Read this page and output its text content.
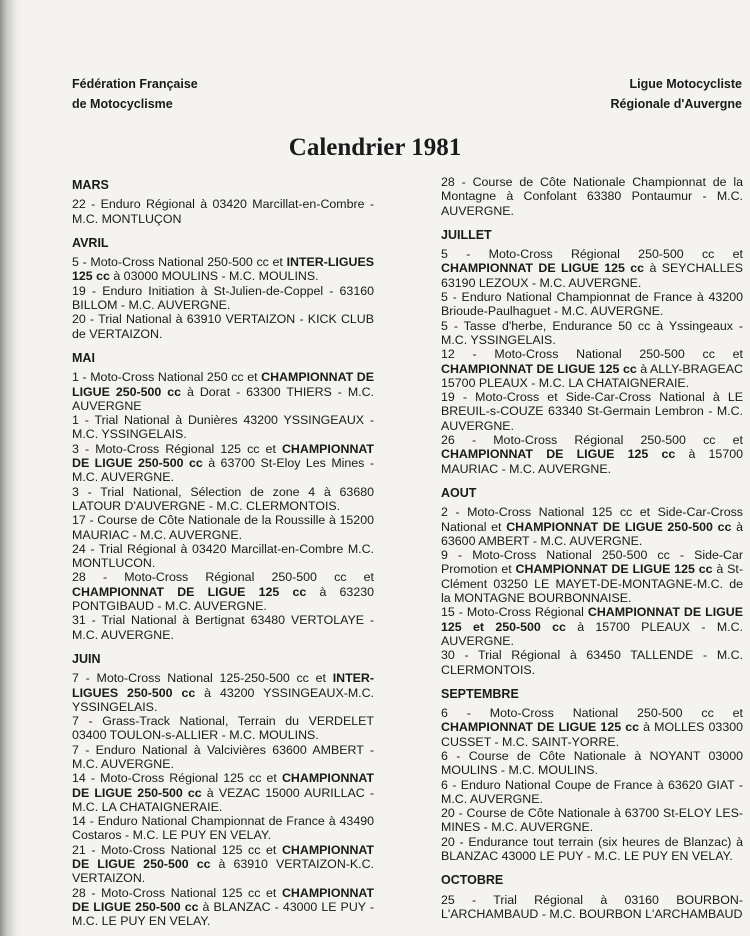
Fédération Française
de Motocyclisme
Ligue Motocycliste
Régionale d'Auvergne
Calendrier 1981
MARS

22 - Enduro Régional à 03420 Marcillat-en-Combre - M.C. MONTLUÇON

AVRIL

5 - Moto-Cross National 250-500 cc et INTER-LIGUES 125 cc à 03000 MOULINS - M.C. MOULINS.

19 - Enduro Initiation à St-Julien-de-Coppel - 63160 BILLOM - M.C. AUVERGNE.

20 - Trial National à 63910 VERTAIZON - KICK CLUB de VERTAIZON.

MAI

1 - Moto-Cross National 250 cc et CHAMPIONNAT DE LIGUE 250-500 cc à Dorat - 63300 THIERS - M.C. AUVERGNE

1 - Trial National à Dunières 43200 YSSINGEAUX - M.C. YSSINGELAIS.

3 - Moto-Cross Régional 125 cc et CHAMPIONNAT DE LIGUE 250-500 cc à 63700 St-Eloy Les Mines - M.C. AUVERGNE.

3 - Trial National, Sélection de zone 4 à 63680 LATOUR D'AUVERGNE - M.C. CLERMONTOIS.

17 - Course de Côte Nationale de la Roussille à 15200 MAURIAC - M.C. AUVERGNE.

24 - Trial Régional à 03420 Marcillat-en-Combre M.C. MONTLUCON.

28 - Moto-Cross Régional 250-500 cc et CHAMPIONNAT DE LIGUE 125 cc à 63230 PONTGIBAUD - M.C. AUVERGNE.

31 - Trial National à Bertignat 63480 VERTOLAYE - M.C. AUVERGNE.

JUIN

7 - Moto-Cross National 125-250-500 cc et INTER-LIGUES 250-500 cc à 43200 YSSINGEAUX-M.C. YSSINGELAIS.

7 - Grass-Track National, Terrain du VERDELET 03400 TOULON-s-ALLIER - M.C. MOULINS.

7 - Enduro National à Valcivières 63600 AMBERT - M.C. AUVERGNE.

14 - Moto-Cross Régional 125 cc et CHAMPIONNAT DE LIGUE 250-500 cc à VEZAC 15000 AURILLAC - M.C. LA CHATAIGNERAIE.

14 - Enduro National Championnat de France à 43490 Costaros - M.C. LE PUY EN VELAY.

21 - Moto-Cross National 125 cc et CHAMPIONNAT DE LIGUE 250-500 cc à 63910 VERTAIZON-K.C. VERTAIZON.

28 - Moto-Cross National 125 cc et CHAMPIONNAT DE LIGUE 250-500 cc à BLANZAC - 43000 LE PUY - M.C. LE PUY EN VELAY.

28 - Course de Côte Nationale Championnat de la Montagne à Confolant 63380 Pontaumur - M.C. AUVERGNE.

JUILLET

5 - Moto-Cross Régional 250-500 cc et CHAMPIONNAT DE LIGUE 125 cc à SEYCHALLES 63190 LEZOUX - M.C. AUVERGNE.

5 - Enduro National Championnat de France à 43200 Brioude-Paulhaguet - M.C. AUVERGNE.

5 - Tasse d'herbe, Endurance 50 cc à Yssingeaux - M.C. YSSINGELAIS.

12 - Moto-Cross National 250-500 cc et CHAMPIONNAT DE LIGUE 125 cc à ALLY-BRAGEAC 15700 PLEAUX - M.C. LA CHATAIGNERAIE.

19 - Moto-Cross et Side-Car-Cross National à LE BREUIL-s-COUZE 63340 St-Germain Lembron - M.C. AUVERGNE.

26 - Moto-Cross Régional 250-500 cc et CHAMPIONNAT DE LIGUE 125 cc à 15700 MAURIAC - M.C. AUVERGNE.

AOUT

2 - Moto-Cross National 125 cc et Side-Car-Cross National et CHAMPIONNAT DE LIGUE 250-500 cc à 63600 AMBERT - M.C. AUVERGNE.

9 - Moto-Cross National 250-500 cc - Side-Car Promotion et CHAMPIONNAT DE LIGUE 125 cc à St-Clément 03250 LE MAYET-DE-MONTAGNE-M.C. de la MONTAGNE BOURBONNAISE.

15 - Moto-Cross Régional CHAMPIONNAT DE LIGUE 125 et 250-500 cc à 15700 PLEAUX - M.C. AUVERGNE.

30 - Trial Régional à 63450 TALLENDE - M.C. CLERMONTOIS.

SEPTEMBRE

6 - Moto-Cross National 250-500 cc et CHAMPIONNAT DE LIGUE 125 cc à MOLLES 03300 CUSSET - M.C. SAINT-YORRE.

6 - Course de Côte Nationale à NOYANT 03000 MOULINS - M.C. MOULINS.

6 - Enduro National Coupe de France à 63620 GIAT - M.C. AUVERGNE.

20 - Course de Côte Nationale à 63700 St-ELOY LES-MINES - M.C. AUVERGNE.

20 - Endurance tout terrain (six heures de Blanzac) à BLANZAC 43000 LE PUY - M.C. LE PUY EN VELAY.

OCTOBRE

25 - Trial Régional à 03160 BOURBON-L'ARCHAMBAUD - M.C. BOURBON L'ARCHAMBAUD
